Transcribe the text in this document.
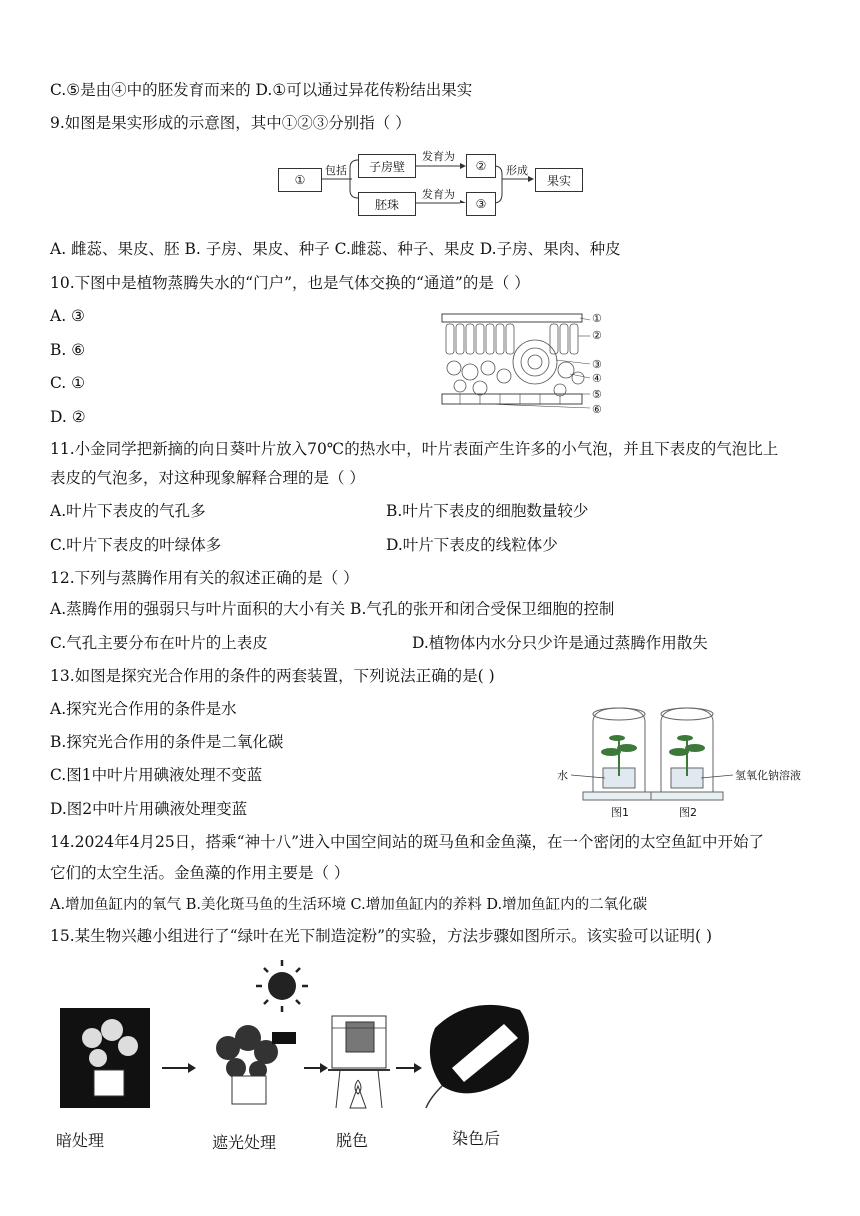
C.⑤是由④中的胚发育而来的 D.①可以通过异花传粉结出果实
9.如图是果实形成的示意图，其中①②③分别指（ ）
①
包括	子房壁
胚珠
发育为
发育为
②
③
形成
果实
A. 雌蕊、果皮、胚 B. 子房、果皮、种子 C.雌蕊、种子、果皮 D.子房、果肉、种皮
10.下图中是植物蒸腾失水的“门户”，也是气体交换的“通道”的是（ ）
A. ③
B. ⑥
C. ①
D. ②
①
②
③
④
⑤
⑥
11.小金同学把新摘的向日葵叶片放入70℃的热水中，叶片表面产生许多的小气泡，并且下表皮的气泡比上
表皮的气泡多，对这种现象解释合理的是（ ）
A.叶片下表皮的气孔多	B.叶片下表皮的细胞数量较少
C.叶片下表皮的叶绿体多	D.叶片下表皮的线粒体少
12.下列与蒸腾作用有关的叙述正确的是（ ）
A.蒸腾作用的强弱只与叶片面积的大小有关 B.气孔的张开和闭合受保卫细胞的控制
C.气孔主要分布在叶片的上表皮	D.植物体内水分只少许是通过蒸腾作用散失
13.如图是探究光合作用的条件的两套装置，下列说法正确的是( )
A.探究光合作用的条件是水
B.探究光合作用的条件是二氧化碳
C.图1中叶片用碘液处理不变蓝
D.图2中叶片用碘液处理变蓝
水	氢氧化钠溶液
图1	图2
14.2024年4月25日，搭乘“神十八”进入中国空间站的斑马鱼和金鱼藻，在一个密闭的太空鱼缸中开始了
它们的太空生活。金鱼藻的作用主要是（ ）
A.增加鱼缸内的氧气 B.美化斑马鱼的生活环境 C.增加鱼缸内的养料 D.增加鱼缸内的二氧化碳
15.某生物兴趣小组进行了“绿叶在光下制造淀粉”的实验，方法步骤如图所示。该实验可以证明( )
暗处理	遮光处理	脱色	染色后
